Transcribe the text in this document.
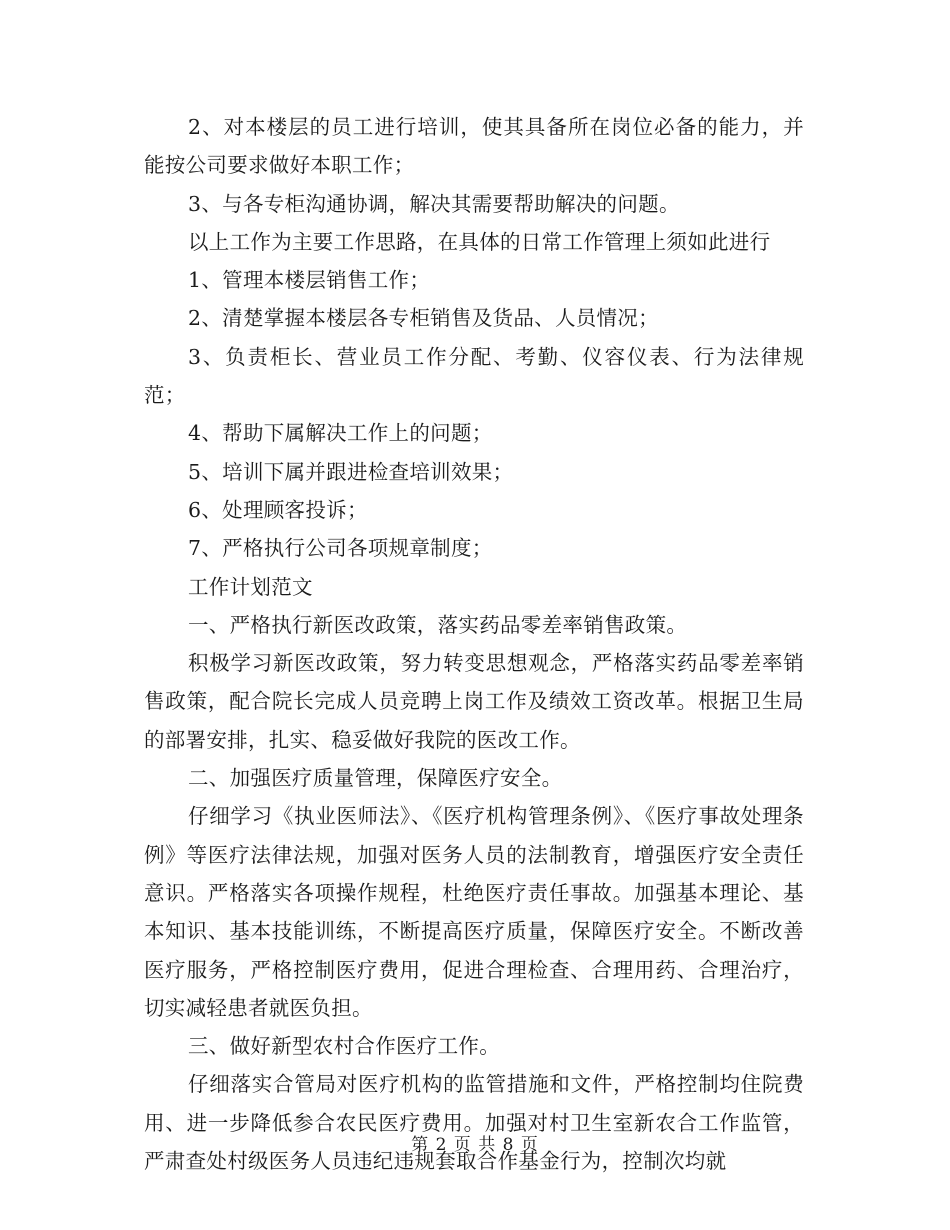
2、对本楼层的员工进行培训，使其具备所在岗位必备的能力，并能按公司要求做好本职工作；

3、与各专柜沟通协调，解决其需要帮助解决的问题。

以上工作为主要工作思路，在具体的日常工作管理上须如此进行

1、管理本楼层销售工作；

2、清楚掌握本楼层各专柜销售及货品、人员情况；

3、负责柜长、营业员工作分配、考勤、仪容仪表、行为法律规范；

4、帮助下属解决工作上的问题；

5、培训下属并跟进检查培训效果；

6、处理顾客投诉；

7、严格执行公司各项规章制度；

工作计划范文

一、严格执行新医改政策，落实药品零差率销售政策。

积极学习新医改政策，努力转变思想观念，严格落实药品零差率销售政策，配合院长完成人员竞聘上岗工作及绩效工资改革。根据卫生局的部署安排，扎实、稳妥做好我院的医改工作。

二、加强医疗质量管理，保障医疗安全。

仔细学习《执业医师法》、《医疗机构管理条例》、《医疗事故处理条例》等医疗法律法规，加强对医务人员的法制教育，增强医疗安全责任意识。严格落实各项操作规程，杜绝医疗责任事故。加强基本理论、基本知识、基本技能训练，不断提高医疗质量，保障医疗安全。不断改善医疗服务，严格控制医疗费用，促进合理检查、合理用药、合理治疗，切实减轻患者就医负担。

三、做好新型农村合作医疗工作。

仔细落实合管局对医疗机构的监管措施和文件，严格控制均住院费用、进一步降低参合农民医疗费用。加强对村卫生室新农合工作监管，严肃查处村级医务人员违纪违规套取合作基金行为，控制次均就

第 2 页 共 8 页
